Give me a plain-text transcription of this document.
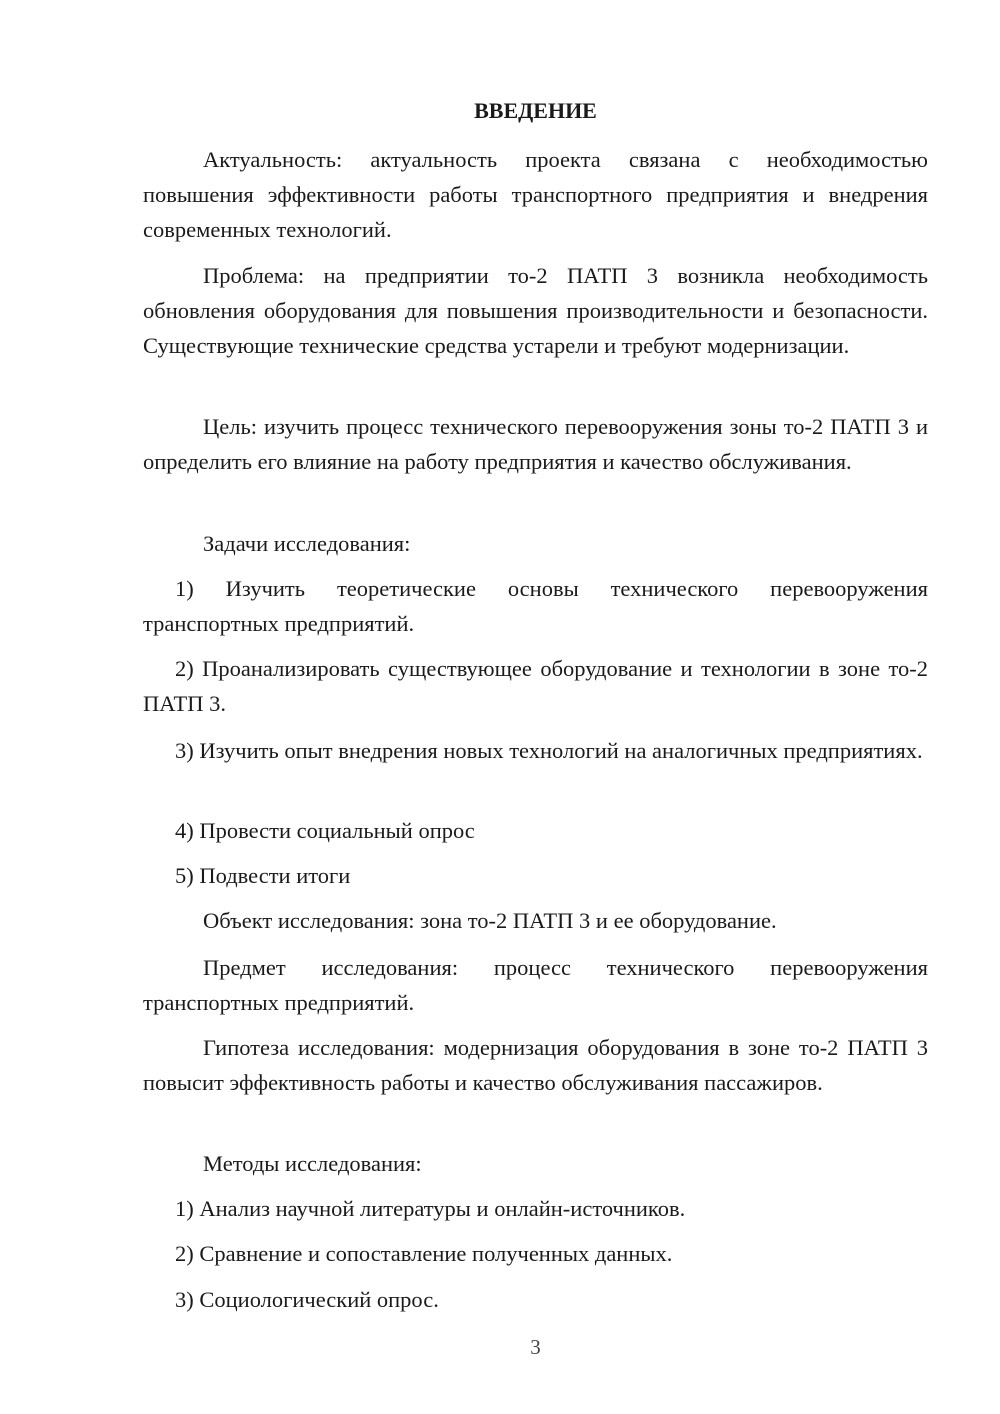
ВВЕДЕНИЕ

Актуальность: актуальность проекта связана с необходимостью повышения эффективности работы транспортного предприятия и внедрения современных технологий.

Проблема: на предприятии то-2 ПАТП 3 возникла необходимость обновления оборудования для повышения производительности и безопасности. Существующие технические средства устарели и требуют модернизации.

Цель: изучить процесс технического перевооружения зоны то-2 ПАТП 3 и определить его влияние на работу предприятия и качество обслуживания.

Задачи исследования:

1) Изучить теоретические основы технического перевооружения транспортных предприятий.

2) Проанализировать существующее оборудование и технологии в зоне то-2 ПАТП 3.

3) Изучить опыт внедрения новых технологий на аналогичных предприятиях.

4) Провести социальный опрос

5) Подвести итоги

Объект исследования: зона то-2 ПАТП 3 и ее оборудование.

Предмет исследования: процесс технического перевооружения транспортных предприятий.

Гипотеза исследования: модернизация оборудования в зоне то-2 ПАТП 3 повысит эффективность работы и качество обслуживания пассажиров.

Методы исследования:

1) Анализ научной литературы и онлайн-источников.

2) Сравнение и сопоставление полученных данных.

3) Социологический опрос.

3
